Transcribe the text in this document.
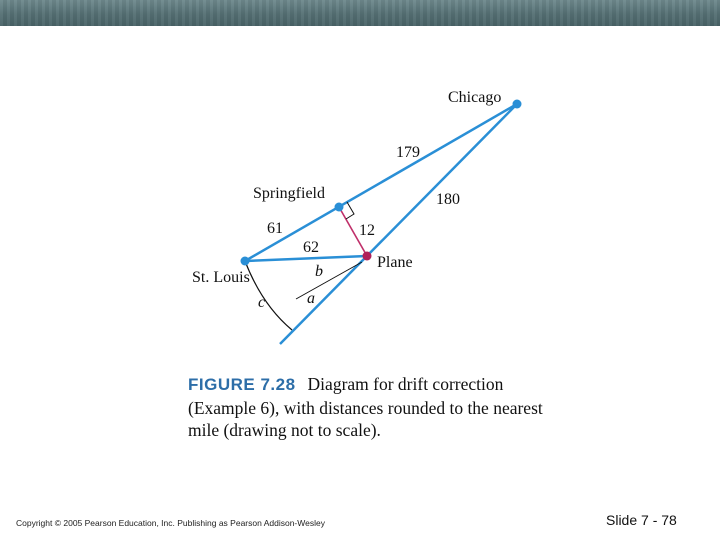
Chicago
Springfield
St. Louis
Plane
179
180
61
62
12
b
a
c
FIGURE 7.28 Diagram for drift correction (Example 6), with distances rounded to the nearest mile (drawing not to scale).
Copyright © 2005 Pearson Education, Inc. Publishing as Pearson Addison-Wesley	Slide 7 - 78
